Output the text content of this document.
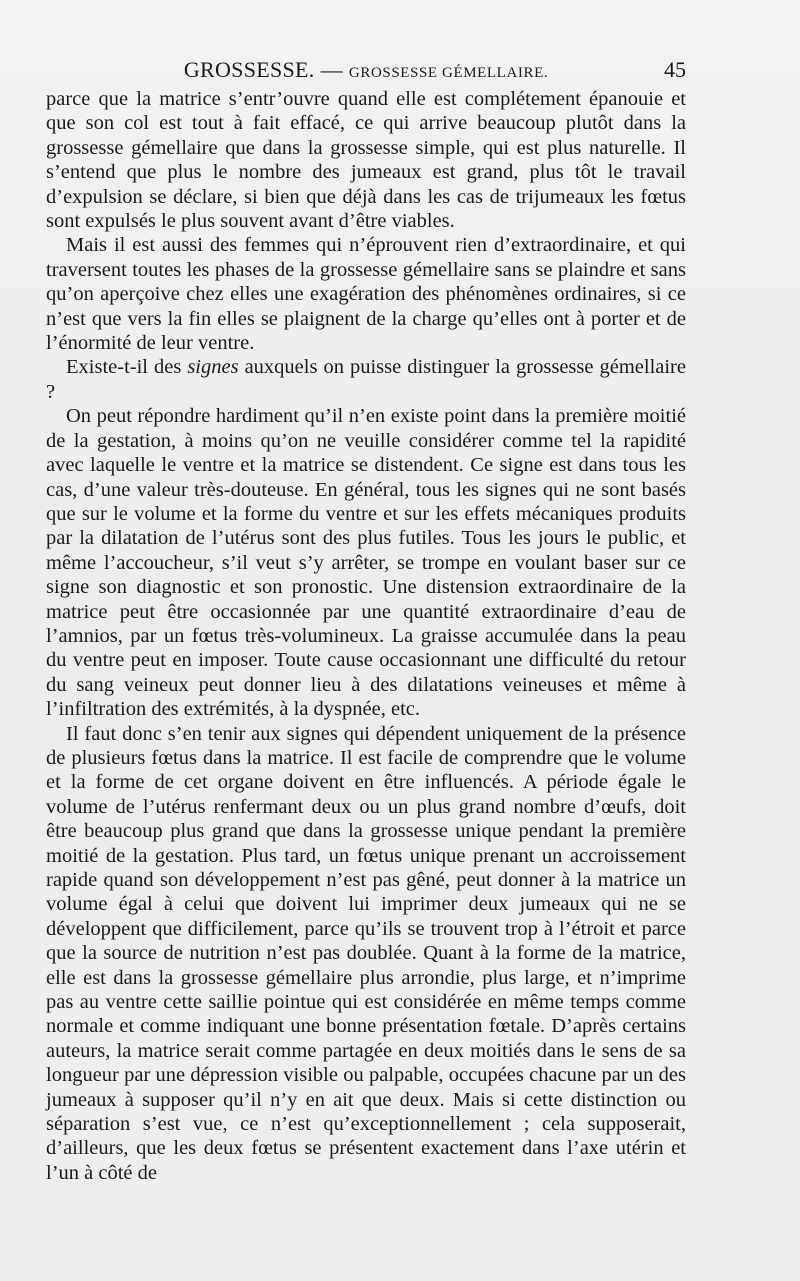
GROSSESSE. — GROSSESSE GÉMELLAIRE.	45

parce que la matrice s’entr’ouvre quand elle est complétement épanouie et que son col est tout à fait effacé, ce qui arrive beaucoup plutôt dans la grossesse gémellaire que dans la grossesse simple, qui est plus naturelle. Il s’entend que plus le nombre des jumeaux est grand, plus tôt le travail d’expulsion se déclare, si bien que déjà dans les cas de trijumeaux les fœtus sont expulsés le plus souvent avant d’être viables.

Mais il est aussi des femmes qui n’éprouvent rien d’extraordinaire, et qui traversent toutes les phases de la grossesse gémellaire sans se plaindre et sans qu’on aperçoive chez elles une exagération des phénomènes ordinaires, si ce n’est que vers la fin elles se plaignent de la charge qu’elles ont à porter et de l’énormité de leur ventre.

Existe-t-il des signes auxquels on puisse distinguer la grossesse gémellaire ?

On peut répondre hardiment qu’il n’en existe point dans la première moitié de la gestation, à moins qu’on ne veuille considérer comme tel la rapidité avec laquelle le ventre et la matrice se distendent. Ce signe est dans tous les cas, d’une valeur très-douteuse. En général, tous les signes qui ne sont basés que sur le volume et la forme du ventre et sur les effets mécaniques produits par la dilatation de l’utérus sont des plus futiles. Tous les jours le public, et même l’accoucheur, s’il veut s’y arrêter, se trompe en voulant baser sur ce signe son diagnostic et son pronostic. Une distension extraordinaire de la matrice peut être occasionnée par une quantité extraordinaire d’eau de l’amnios, par un fœtus très-volumineux. La graisse accumulée dans la peau du ventre peut en imposer. Toute cause occasionnant une difficulté du retour du sang veineux peut donner lieu à des dilatations veineuses et même à l’infiltration des extrémités, à la dyspnée, etc.

Il faut donc s’en tenir aux signes qui dépendent uniquement de la présence de plusieurs fœtus dans la matrice. Il est facile de comprendre que le volume et la forme de cet organe doivent en être influencés. A période égale le volume de l’utérus renfermant deux ou un plus grand nombre d’œufs, doit être beaucoup plus grand que dans la grossesse unique pendant la première moitié de la gestation. Plus tard, un fœtus unique prenant un accroissement rapide quand son développement n’est pas gêné, peut donner à la matrice un volume égal à celui que doivent lui imprimer deux jumeaux qui ne se développent que difficilement, parce qu’ils se trouvent trop à l’étroit et parce que la source de nutrition n’est pas doublée. Quant à la forme de la matrice, elle est dans la grossesse gémellaire plus arrondie, plus large, et n’imprime pas au ventre cette saillie pointue qui est considérée en même temps comme normale et comme indiquant une bonne présentation fœtale. D’après certains auteurs, la matrice serait comme partagée en deux moitiés dans le sens de sa longueur par une dépression visible ou palpable, occupées chacune par un des jumeaux à supposer qu’il n’y en ait que deux. Mais si cette distinction ou séparation s’est vue, ce n’est qu’exceptionnellement ; cela supposerait, d’ailleurs, que les deux fœtus se présentent exactement dans l’axe utérin et l’un à côté de
